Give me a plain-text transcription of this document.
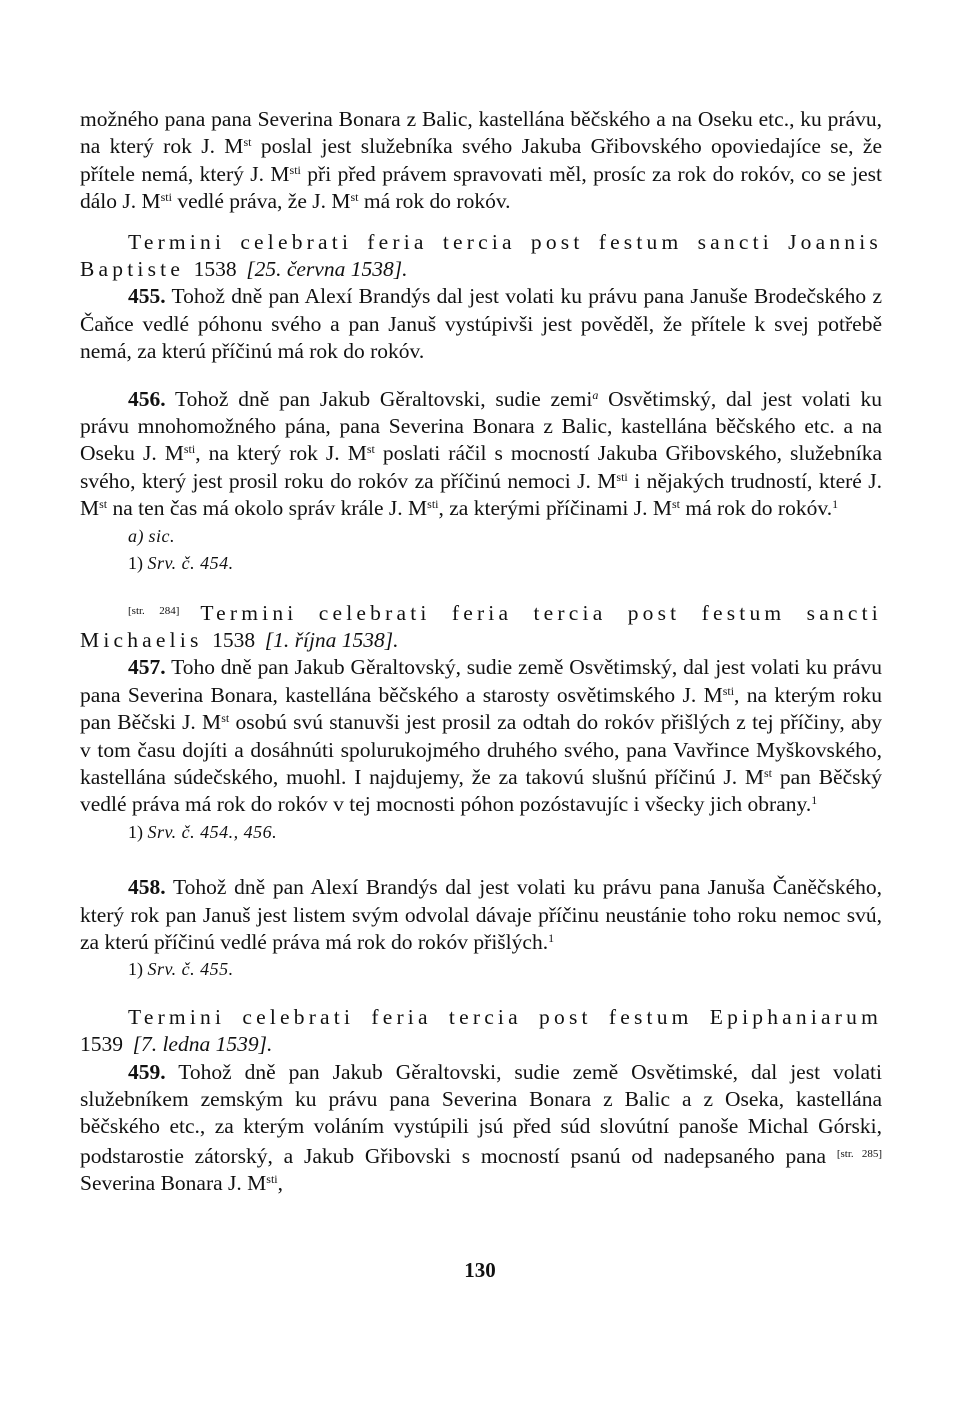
možného pana pana Severina Bonara z Balic, kastellána běčského a na Oseku etc., ku právu, na který rok J. Mst poslal jest služebníka svého Jakuba Gřibovského opoviedajíce se, že přítele nemá, který J. $M^{sti}$ při před právem spravovati měl, prosíc za rok do rokóv, co se jest dálo J. $M^{sti}$ vedlé práva, že J. Mst má rok do rokóv.

Termini celebrati feria tercia post festum sancti Joannis Baptiste 1538 [25. června 1538].

455. Tohož dně pan Alexí Brandýs dal jest volati ku právu pana Januše Brodečského z Čaňce vedlé póhonu svého a pan Januš vystúpivši jest pověděl, že přítele k svej potřebě nemá, za kterú příčinú má rok do rokóv.

456. Tohož dně pan Jakub Gěraltovski, sudie zemi$^a$ Osvětimský, dal jest volati ku právu mnohomožného pána, pana Severina Bonara z Balic, kastellána běčského etc. a na Oseku J. $M^{sti}$, na který rok J. Mst poslati ráčil s mocností Jakuba Gřibovského, služebníka svého, který jest prosil roku do rokóv za příčinú nemoci J. $M^{sti}$ i nějakých trudností, které J. Mst na ten čas má okolo správ krále J. $M^{sti}$, za kterými příčinami J. Mst má rok do rokóv.$^1$

a) sic.

1) Srv. č. 454.

[str. 284] Termini celebrati feria tercia post festum sancti Michaelis 1538 [1. října 1538].

457. Toho dně pan Jakub Gěraltovský, sudie země Osvětimský, dal jest volati ku právu pana Severina Bonara, kastellána běčského a starosty osvětimského J. $M^{sti}$, na kterým roku pan Běčski J. Mst osobú svú stanuvši jest prosil za odtah do rokóv přišlých z tej příčiny, aby v tom času dojíti a dosáhnúti spolurukojmého druhého svého, pana Vavřince Myškovského, kastellána súdečského, muohl. I najdujemy, že za takovú slušnú příčinú J. Mst pan Běčský vedlé práva má rok do rokóv v tej mocnosti póhon pozóstavujíc i všecky jich obrany.$^1$

1) Srv. č. 454., 456.

458. Tohož dně pan Alexí Brandýs dal jest volati ku právu pana Januša Čaněčského, který rok pan Januš jest listem svým odvolal dávaje příčinu neustánie toho roku nemoc svú, za kterú příčinú vedlé práva má rok do rokóv přišlých.$^1$

1) Srv. č. 455.

Termini celebrati feria tercia post festum Epiphaniarum 1539 [7. ledna 1539].

459. Tohož dně pan Jakub Gěraltovski, sudie země Osvětimské, dal jest volati služebníkem zemským ku právu pana Severina Bonara z Balic a z Oseka, kastellána běčského etc., za kterým voláním vystúpili jsú před súd slovútní panoše Michal Górski, podstarostie zátorský, a Jakub Gřibovski s mocností psanú od nadepsaného pana [str. 285] Severina Bonara J. $M^{sti}$,

130
